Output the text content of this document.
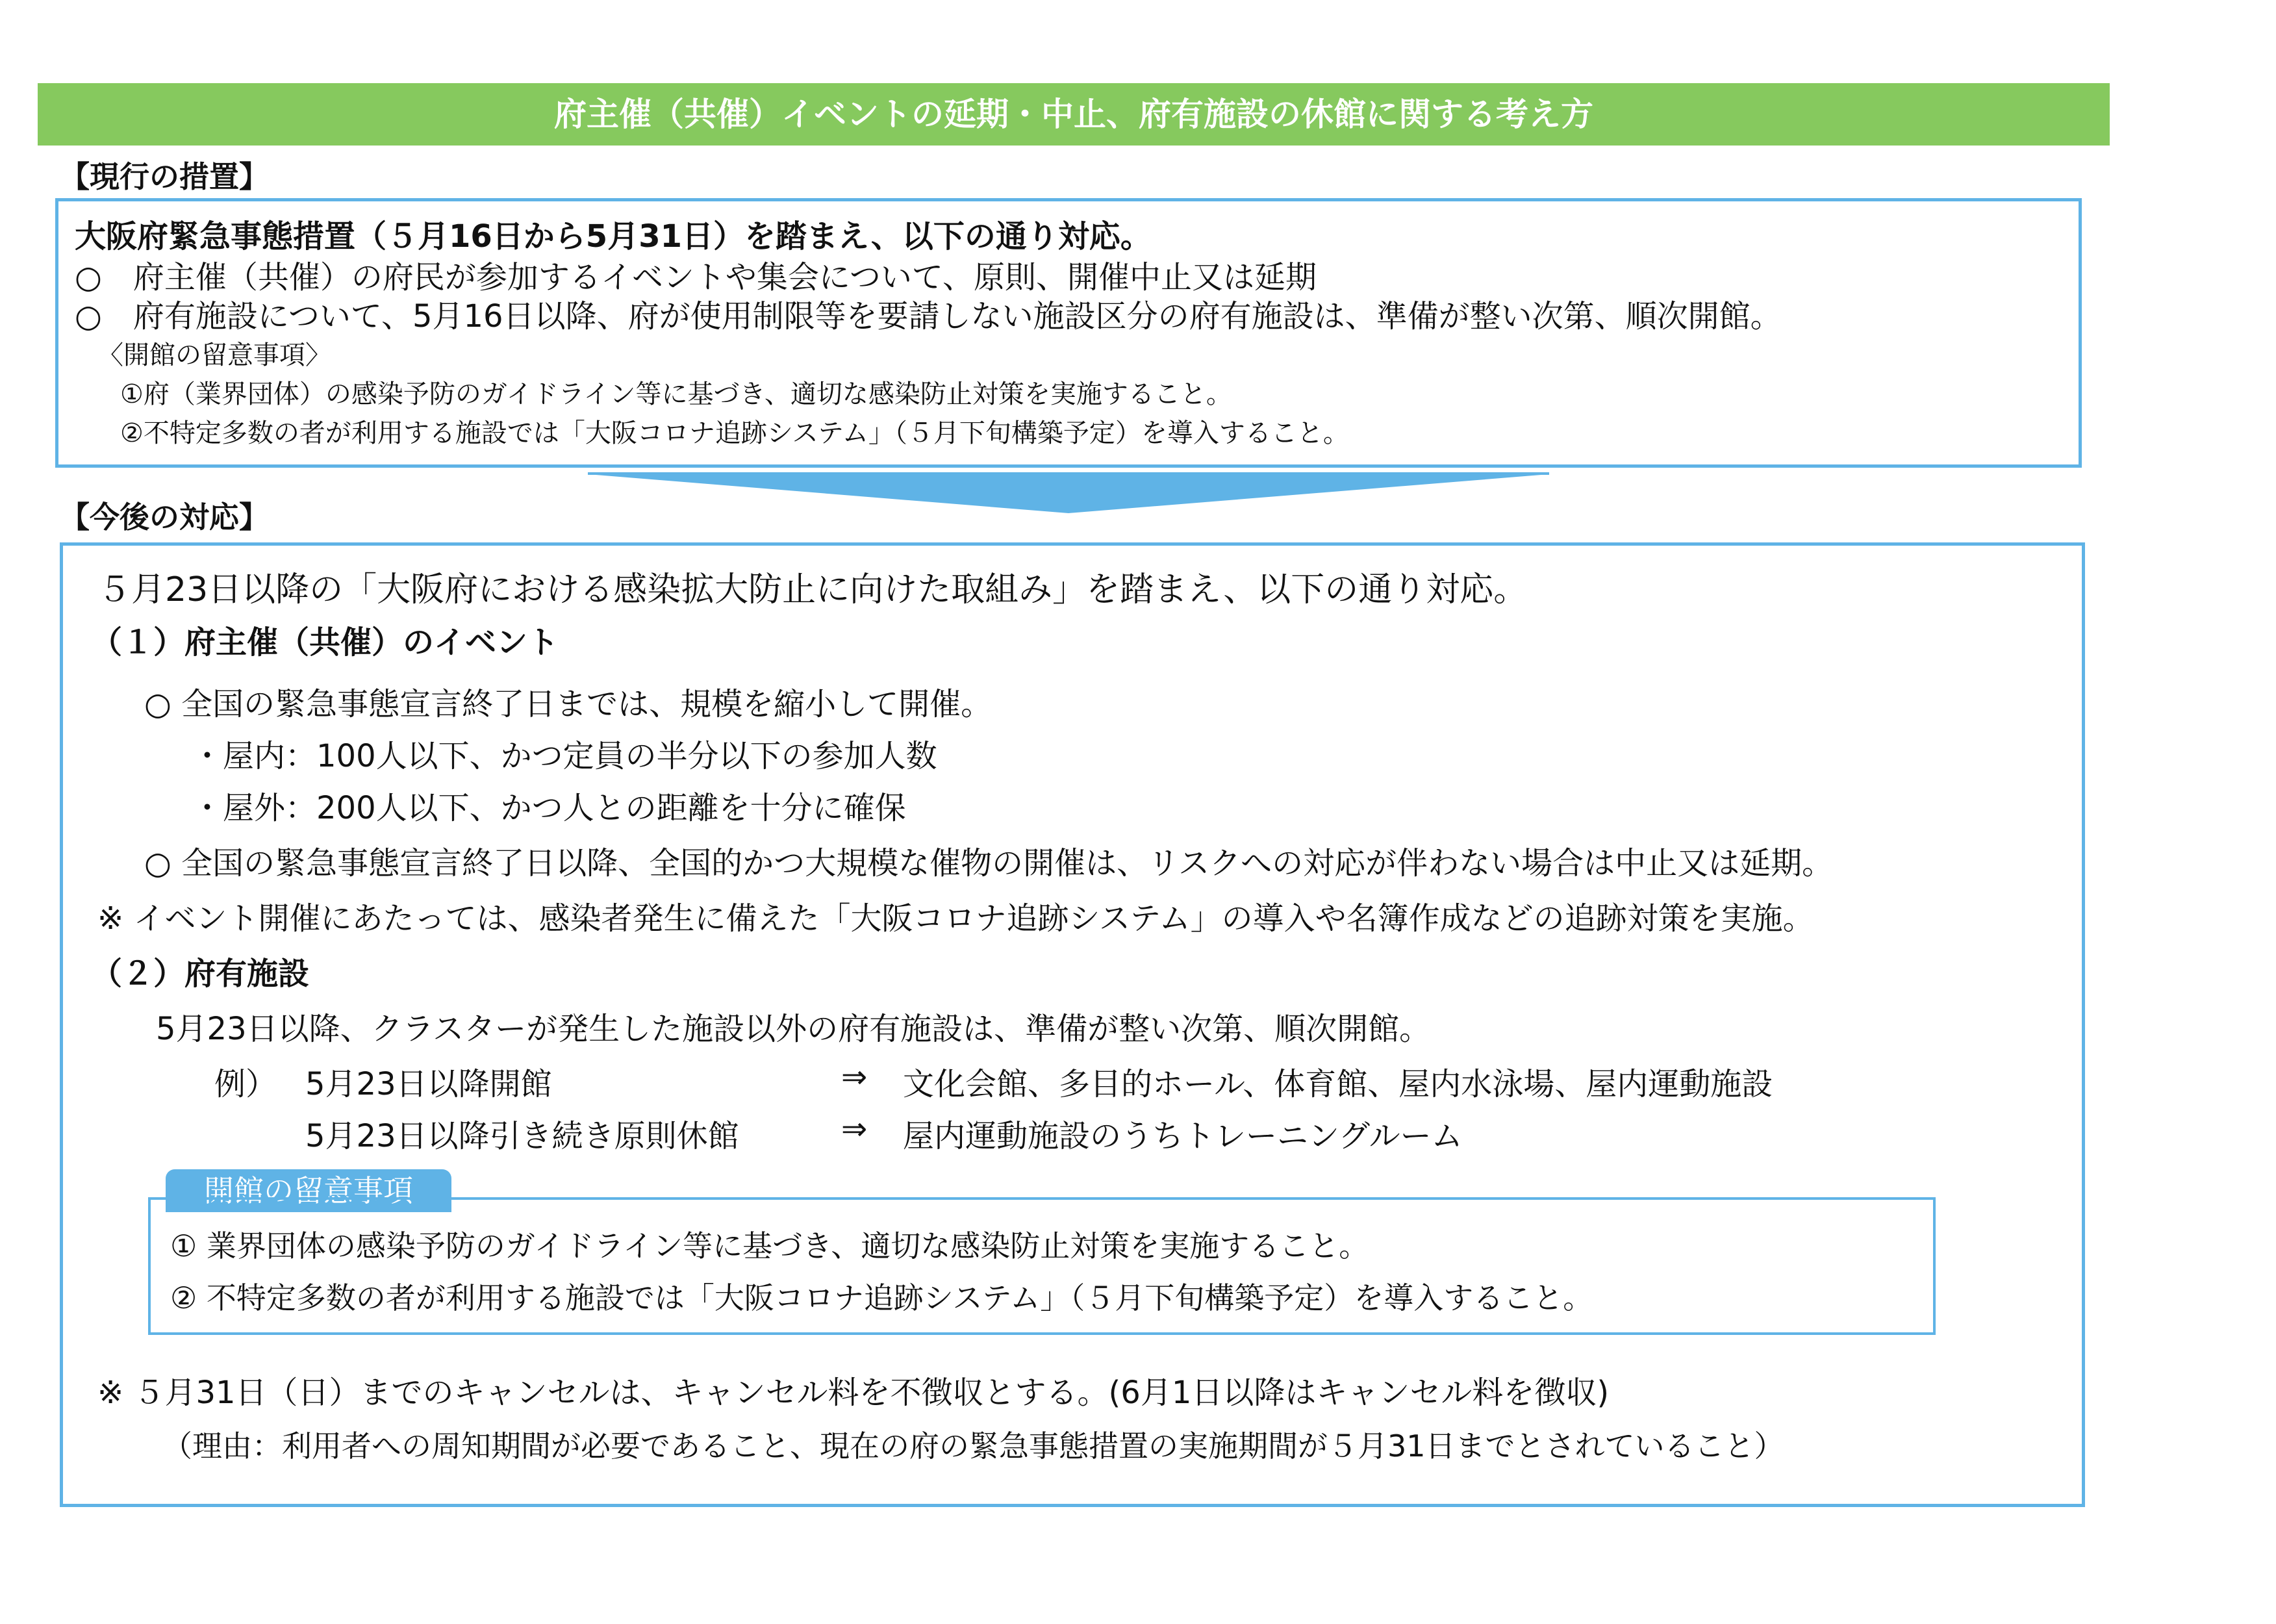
府主催（共催）イベントの延期・中止、府有施設の休館に関する考え方
【現行の措置】
大阪府緊急事態措置（５月16日から5月31日）を踏まえ、以下の通り対応。
○　府主催（共催）の府民が参加するイベントや集会について、原則、開催中止又は延期
○　府有施設について、5月16日以降、府が使用制限等を要請しない施設区分の府有施設は、準備が整い次第、順次開館。
〈開館の留意事項〉
①府（業界団体）の感染予防のガイドライン等に基づき、適切な感染防止対策を実施すること。
②不特定多数の者が利用する施設では「大阪コロナ追跡システム」（５月下旬構築予定）を導入すること。
【今後の対応】
５月23日以降の「大阪府における感染拡大防止に向けた取組み」を踏まえ、以下の通り対応。
（１）府主催（共催）のイベント
○ 全国の緊急事態宣言終了日までは、規模を縮小して開催。
・屋内：100人以下、かつ定員の半分以下の参加人数
・屋外：200人以下、かつ人との距離を十分に確保
○ 全国の緊急事態宣言終了日以降、全国的かつ大規模な催物の開催は、リスクへの対応が伴わない場合は中止又は延期。
※ イベント開催にあたっては、感染者発生に備えた「大阪コロナ追跡システム」の導入や名簿作成などの追跡対策を実施。
（２）府有施設
5月23日以降、クラスターが発生した施設以外の府有施設は、準備が整い次第、順次開館。
例） 5月23日以降開館	⇒ 文化会館、多目的ホール、体育館、屋内水泳場、屋内運動施設
5月23日以降引き続き原則休館	⇒ 屋内運動施設のうちトレーニングルーム
開館の留意事項
① 業界団体の感染予防のガイドライン等に基づき、適切な感染防止対策を実施すること。
② 不特定多数の者が利用する施設では「大阪コロナ追跡システム」（５月下旬構築予定）を導入すること。
※ ５月31日（日）までのキャンセルは、キャンセル料を不徴収とする。(6月1日以降はキャンセル料を徴収)
（理由：利用者への周知期間が必要であること、現在の府の緊急事態措置の実施期間が５月31日までとされていること）
